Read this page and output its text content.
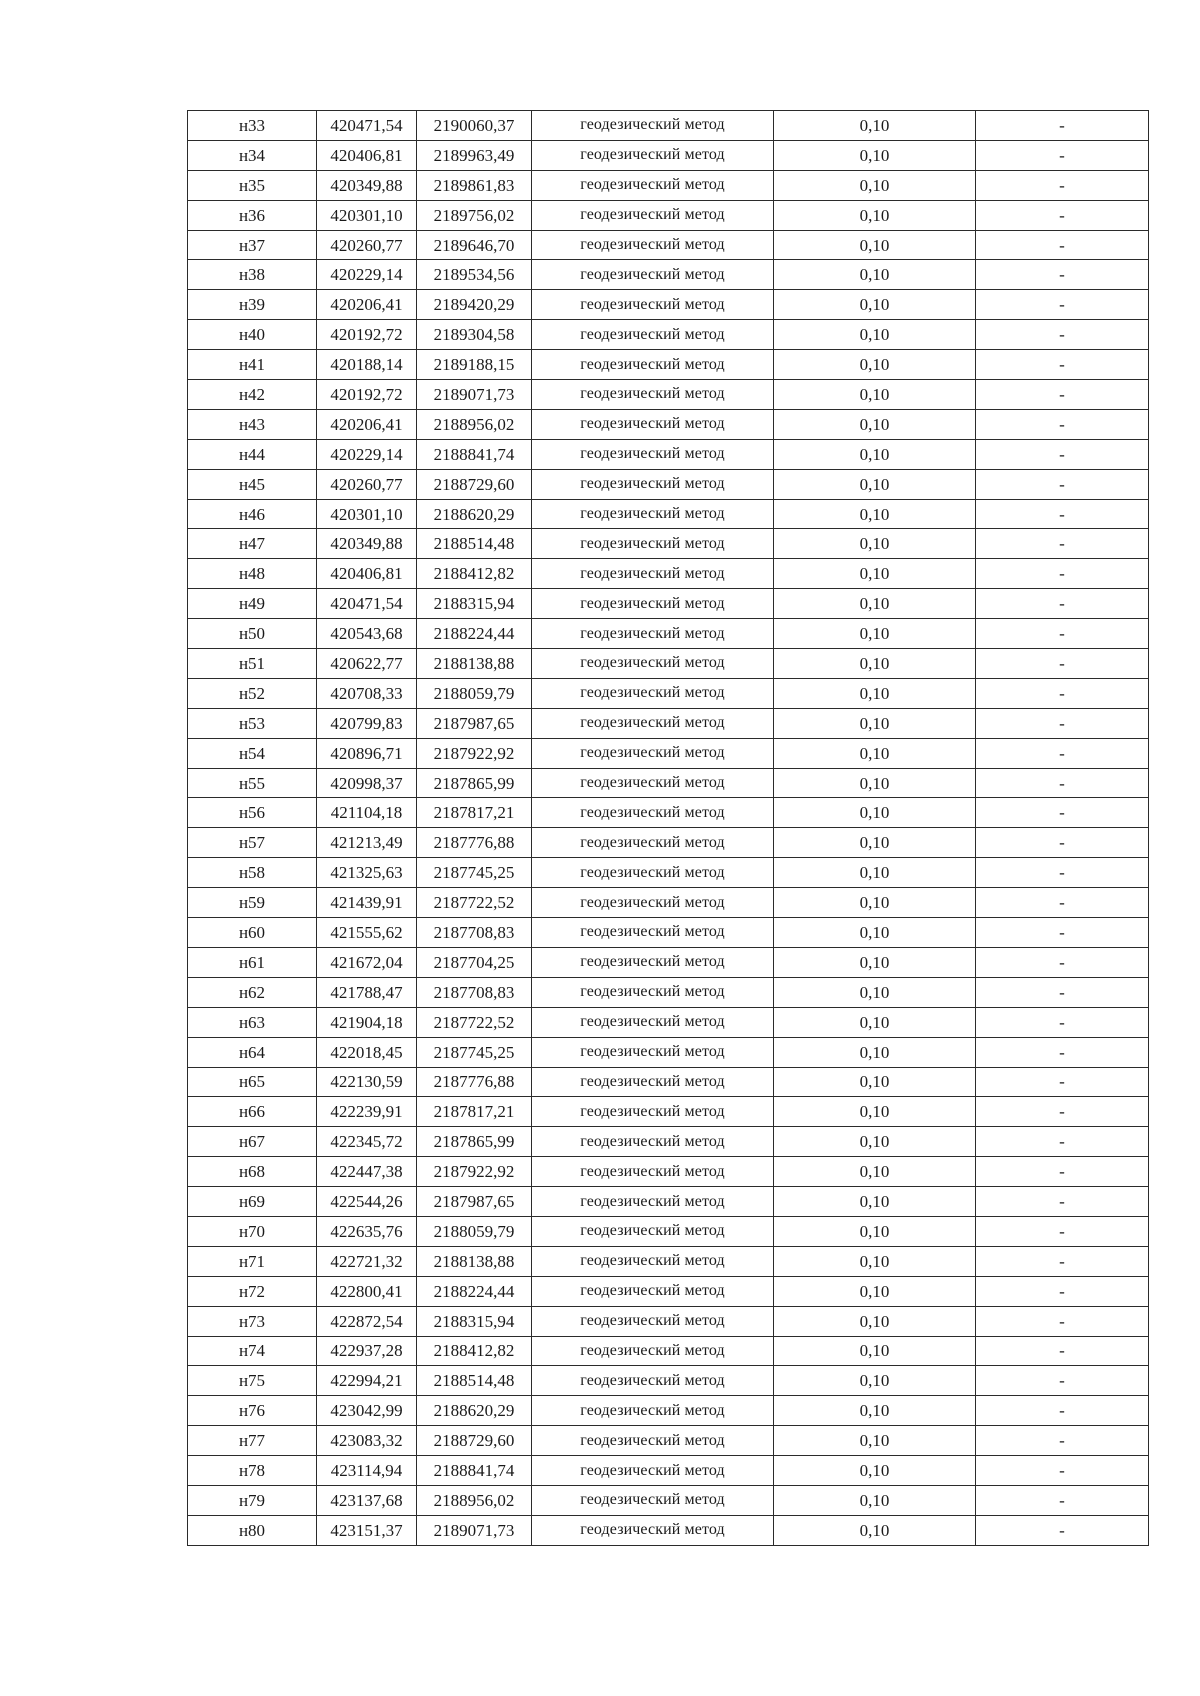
н33	420471,54	2190060,37	геодезический метод	0,10	-
н34	420406,81	2189963,49	геодезический метод	0,10	-
н35	420349,88	2189861,83	геодезический метод	0,10	-
н36	420301,10	2189756,02	геодезический метод	0,10	-
н37	420260,77	2189646,70	геодезический метод	0,10	-
н38	420229,14	2189534,56	геодезический метод	0,10	-
н39	420206,41	2189420,29	геодезический метод	0,10	-
н40	420192,72	2189304,58	геодезический метод	0,10	-
н41	420188,14	2189188,15	геодезический метод	0,10	-
н42	420192,72	2189071,73	геодезический метод	0,10	-
н43	420206,41	2188956,02	геодезический метод	0,10	-
н44	420229,14	2188841,74	геодезический метод	0,10	-
н45	420260,77	2188729,60	геодезический метод	0,10	-
н46	420301,10	2188620,29	геодезический метод	0,10	-
н47	420349,88	2188514,48	геодезический метод	0,10	-
н48	420406,81	2188412,82	геодезический метод	0,10	-
н49	420471,54	2188315,94	геодезический метод	0,10	-
н50	420543,68	2188224,44	геодезический метод	0,10	-
н51	420622,77	2188138,88	геодезический метод	0,10	-
н52	420708,33	2188059,79	геодезический метод	0,10	-
н53	420799,83	2187987,65	геодезический метод	0,10	-
н54	420896,71	2187922,92	геодезический метод	0,10	-
н55	420998,37	2187865,99	геодезический метод	0,10	-
н56	421104,18	2187817,21	геодезический метод	0,10	-
н57	421213,49	2187776,88	геодезический метод	0,10	-
н58	421325,63	2187745,25	геодезический метод	0,10	-
н59	421439,91	2187722,52	геодезический метод	0,10	-
н60	421555,62	2187708,83	геодезический метод	0,10	-
н61	421672,04	2187704,25	геодезический метод	0,10	-
н62	421788,47	2187708,83	геодезический метод	0,10	-
н63	421904,18	2187722,52	геодезический метод	0,10	-
н64	422018,45	2187745,25	геодезический метод	0,10	-
н65	422130,59	2187776,88	геодезический метод	0,10	-
н66	422239,91	2187817,21	геодезический метод	0,10	-
н67	422345,72	2187865,99	геодезический метод	0,10	-
н68	422447,38	2187922,92	геодезический метод	0,10	-
н69	422544,26	2187987,65	геодезический метод	0,10	-
н70	422635,76	2188059,79	геодезический метод	0,10	-
н71	422721,32	2188138,88	геодезический метод	0,10	-
н72	422800,41	2188224,44	геодезический метод	0,10	-
н73	422872,54	2188315,94	геодезический метод	0,10	-
н74	422937,28	2188412,82	геодезический метод	0,10	-
н75	422994,21	2188514,48	геодезический метод	0,10	-
н76	423042,99	2188620,29	геодезический метод	0,10	-
н77	423083,32	2188729,60	геодезический метод	0,10	-
н78	423114,94	2188841,74	геодезический метод	0,10	-
н79	423137,68	2188956,02	геодезический метод	0,10	-
н80	423151,37	2189071,73	геодезический метод	0,10	-
